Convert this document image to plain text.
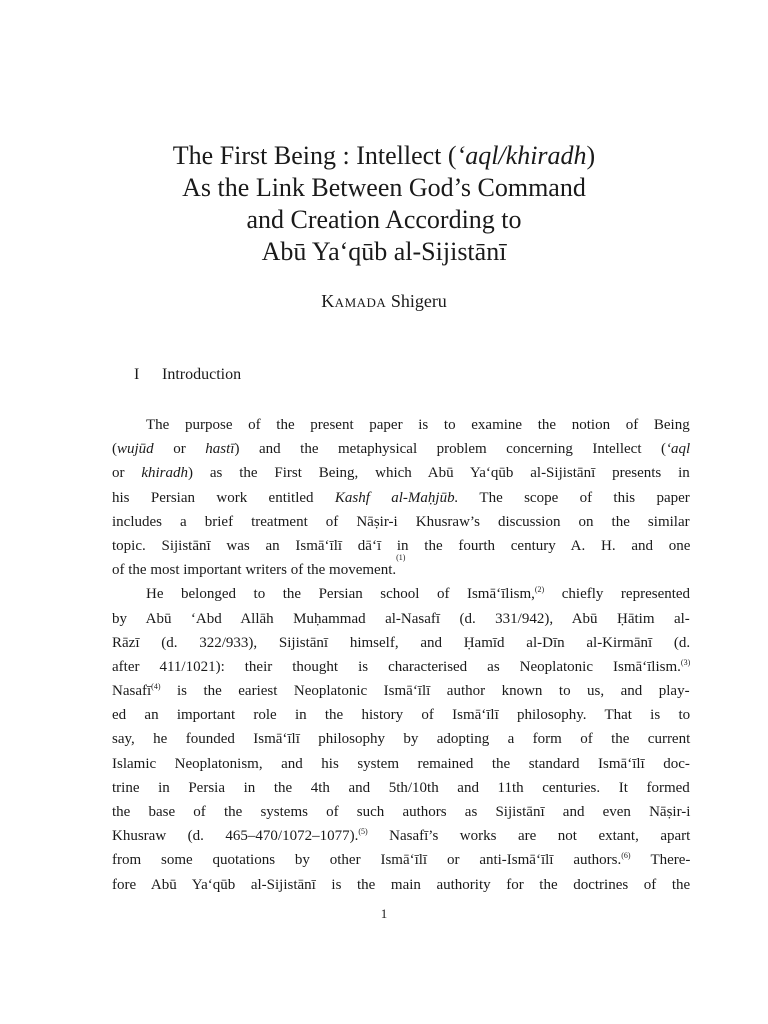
The First Being : Intellect (‘aql/khiradh)
As the Link Between God’s Command
and Creation According to
Abū Ya‘qūb al-Sijistānī
Kamada Shigeru
I Introduction
The purpose of the present paper is to examine the notion of Being
(wujūd or hastī) and the metaphysical problem concerning Intellect (‘aql
or khiradh) as the First Being, which Abū Ya‘qūb al-Sijistānī presents in
his Persian work entitled Kashf al-Maḥjūb. The scope of this paper
includes a brief treatment of Nāṣir-i Khusraw’s discussion on the similar
topic. Sijistānī was an Ismā‘īlī dā‘ī in the fourth century A. H. and one
of the most important writers of the movement.
(1)
He belonged to the Persian school of Ismā‘īlism,$^{(2)}$ chiefly represented
by Abū ‘Abd Allāh Muḥammad al-Nasafī (d. 331/942), Abū Ḥātim al-
Rāzī (d. 322/933), Sijistānī himself, and Ḥamīd al-Dīn al-Kirmānī (d.
after 411/1021): their thought is characterised as Neoplatonic Ismā‘īlism.$^{(3)}$
Nasafī$^{(4)}$ is the eariest Neoplatonic Ismā‘īlī author known to us, and play-
ed an important role in the history of Ismā‘īlī philosophy. That is to
say, he founded Ismā‘īlī philosophy by adopting a form of the current
Islamic Neoplatonism, and his system remained the standard Ismā‘īlī doc-
trine in Persia in the 4th and 5th/10th and 11th centuries. It formed
the base of the systems of such authors as Sijistānī and even Nāṣir-i
Khusraw (d. 465–470/1072–1077).$^{(5)}$ Nasafī’s works are not extant, apart
from some quotations by other Ismā‘īlī or anti-Ismā‘īlī authors.$^{(6)}$ There-
fore Abū Ya‘qūb al-Sijistānī is the main authority for the doctrines of the
1
